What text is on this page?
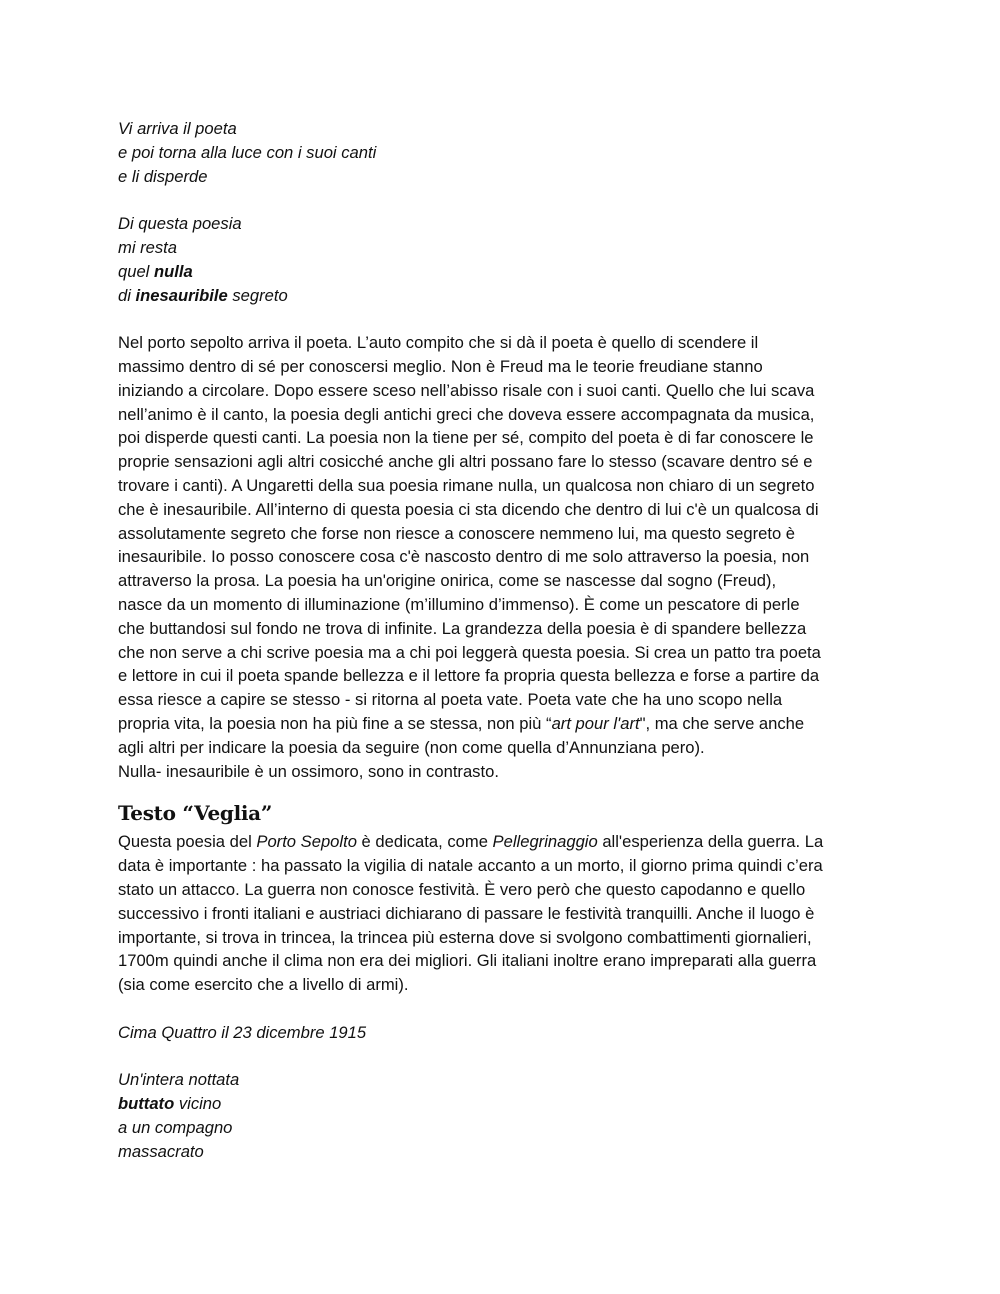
Vi arriva il poeta
e poi torna alla luce con i suoi canti
e li disperde
Di questa poesia
mi resta
quel nulla
di inesauribile segreto
Nel porto sepolto arriva il poeta. L’auto compito che si dà il poeta è quello di scendere il
massimo dentro di sé per conoscersi meglio. Non è Freud ma le teorie freudiane stanno
iniziando a circolare. Dopo essere sceso nell’abisso risale con i suoi canti. Quello che lui scava
nell’animo è il canto, la poesia degli antichi greci che doveva essere accompagnata da musica,
poi disperde questi canti. La poesia non la tiene per sé, compito del poeta è di far conoscere le
proprie sensazioni agli altri cosicché anche gli altri possano fare lo stesso (scavare dentro sé e
trovare i canti). A Ungaretti della sua poesia rimane nulla, un qualcosa non chiaro di un segreto
che è inesauribile. All’interno di questa poesia ci sta dicendo che dentro di lui c'è un qualcosa di
assolutamente segreto che forse non riesce a conoscere nemmeno lui, ma questo segreto è
inesauribile. Io posso conoscere cosa c'è nascosto dentro di me solo attraverso la poesia, non
attraverso la prosa. La poesia ha un'origine onirica, come se nascesse dal sogno (Freud),
nasce da un momento di illuminazione (m’illumino d’immenso). È come un pescatore di perle
che buttandosi sul fondo ne trova di infinite. La grandezza della poesia è di spandere bellezza
che non serve a chi scrive poesia ma a chi poi leggerà questa poesia. Si crea un patto tra poeta
e lettore in cui il poeta spande bellezza e il lettore fa propria questa bellezza e forse a partire da
essa riesce a capire se stesso - si ritorna al poeta vate. Poeta vate che ha uno scopo nella
propria vita, la poesia non ha più fine a se stessa, non più “art pour l'art", ma che serve anche
agli altri per indicare la poesia da seguire (non come quella d’Annunziana pero).
Nulla- inesauribile è un ossimoro, sono in contrasto.
Testo “Veglia”
Questa poesia del Porto Sepolto è dedicata, come Pellegrinaggio all'esperienza della guerra. La
data è importante : ha passato la vigilia di natale accanto a un morto, il giorno prima quindi c’era
stato un attacco. La guerra non conosce festività. È vero però che questo capodanno e quello
successivo i fronti italiani e austriaci dichiarano di passare le festività tranquilli. Anche il luogo è
importante, si trova in trincea, la trincea più esterna dove si svolgono combattimenti giornalieri,
1700m quindi anche il clima non era dei migliori. Gli italiani inoltre erano impreparati alla guerra
(sia come esercito che a livello di armi).
Cima Quattro il 23 dicembre 1915
Un'intera nottata
buttato vicino
a un compagno
massacrato
